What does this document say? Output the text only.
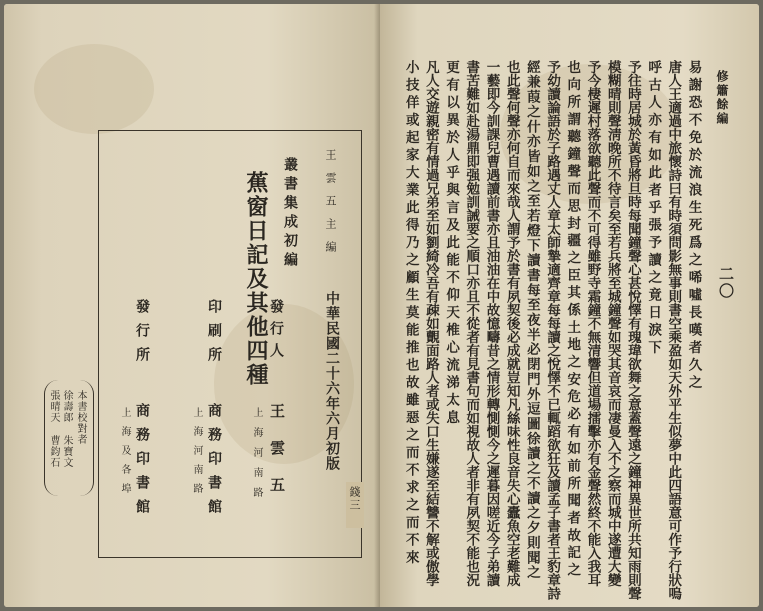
王雲五主編
叢書集成初編
蕉窗日記及其他四種	中華民國二十六年六月初版
發行人
王雲五
上海河南路
印刷所
商務印書館
上海河南路
發行所
商務印書館
上海及各埠
本書校對者
徐壽郎 朱寶文
張晴天 曹鈞石
錢三
修簫餘編
二〇
易謝恐不免於流浪生死爲之唏噓長嘆者久之
唐人王適過中旅懷詩曰有時須問影無事則書空乘盈如天外平生似夢中此四語意可作予行狀嗚
呼古人亦有如此者乎張予讀之竟日淚下
予往時居城於黃昏將旦時每聞鐘聲心甚悅懌有瑰瑋欲舞之意蓋聲遠之鐘神異世所共知雨則聲
模糊晴則聲淸晚所不待言矣至若兵將至城鐘聲如哭其音哀而凄曼入不之察而城中遂遭大變
予今棲遲村落欲聽此聲而不可得雖野寺霜鐘不無清響但道場擂擊亦有金聲然終不能入我耳
也向所謂聽鐘聲而思封疆之臣其係土地之安危必有如前所聞者故記之
予幼讀論語於子路遇丈人章太師摯適齊章每每讀之悅懌不已輒蹈欲狂及讀孟子書者王豹章詩
經兼葭之什亦皆如之至若燈下讀書每至夜半必閉門外逗圖徐讀之不讀之夕則聞之
也此聲何聲亦何自而來哉人謂予於書有夙契後必成就豈知凡絲味性良音失心蠹魚空老難成
一藝即今訓課兒曹遇讀前書亦且油油在中故憶疇昔之情形轉惻惻今之遲暮因嗟近今子弟讀
書苦難如赴湯鼎即强勉訓誡要之順口亦且不從者有見書句而如視故人者非有夙契不能也況
更有以異於人乎與言及此能不仰天椎心流涕太息
凡人交遊親密有情過兄弟至如劉綺冷吾有疎如覿面路人者或失口生嫌遂至結讐不解或傲學
小技佯或起家大業此得乃之顧生莫能推也故雖惡之而不求之而不來
